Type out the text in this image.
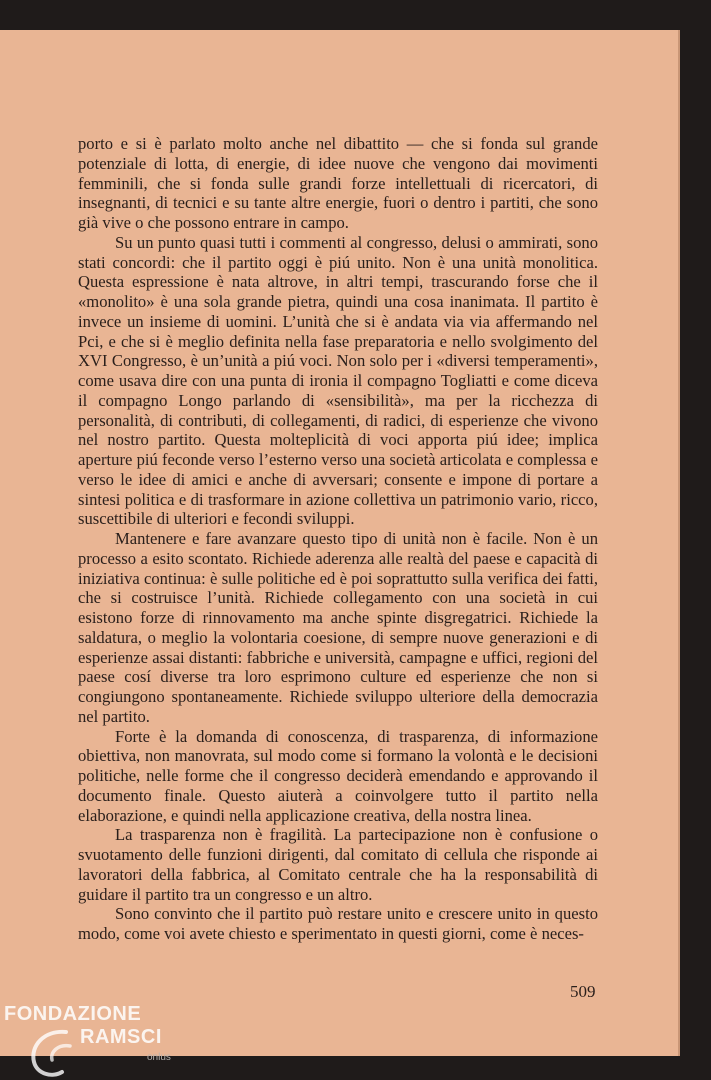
porto e si è parlato molto anche nel dibattito — che si fonda sul grande potenziale di lotta, di energie, di idee nuove che vengono dai movimenti femminili, che si fonda sulle grandi forze intellettuali di ricercatori, di insegnanti, di tecnici e su tante altre energie, fuori o dentro i partiti, che sono già vive o che possono entrare in campo.

Su un punto quasi tutti i commenti al congresso, delusi o ammirati, sono stati concordi: che il partito oggi è piú unito. Non è una unità monolitica. Questa espressione è nata altrove, in altri tempi, trascurando forse che il «monolito» è una sola grande pietra, quindi una cosa inanimata. Il partito è invece un insieme di uomini. L’unità che si è andata via via affermando nel Pci, e che si è meglio definita nella fase preparatoria e nello svolgimento del XVI Congresso, è un’unità a piú voci. Non solo per i «diversi temperamenti», come usava dire con una punta di ironia il compagno Togliatti e come diceva il compagno Longo parlando di «sensibilità», ma per la ricchezza di personalità, di contributi, di collegamenti, di radici, di esperienze che vivono nel nostro partito. Questa molteplicità di voci apporta piú idee; implica aperture piú feconde verso l’esterno verso una società articolata e complessa e verso le idee di amici e anche di avversari; consente e impone di portare a sintesi politica e di trasformare in azione collettiva un patrimonio vario, ricco, suscettibile di ulteriori e fecondi sviluppi.

Mantenere e fare avanzare questo tipo di unità non è facile. Non è un processo a esito scontato. Richiede aderenza alle realtà del paese e capacità di iniziativa continua: è sulle politiche ed è poi soprattutto sulla verifica dei fatti, che si costruisce l’unità. Richiede collegamento con una società in cui esistono forze di rinnovamento ma anche spinte disgregatrici. Richiede la saldatura, o meglio la volontaria coesione, di sempre nuove generazioni e di esperienze assai distanti: fabbriche e università, campagne e uffici, regioni del paese cosí diverse tra loro esprimono culture ed esperienze che non si congiungono spontaneamente. Richiede sviluppo ulteriore della democrazia nel partito.

Forte è la domanda di conoscenza, di trasparenza, di informazione obiettiva, non manovrata, sul modo come si formano la volontà e le decisioni politiche, nelle forme che il congresso deciderà emendando e approvando il documento finale. Questo aiuterà a coinvolgere tutto il partito nella elaborazione, e quindi nella applicazione creativa, della nostra linea.

La trasparenza non è fragilità. La partecipazione non è confusione o svuotamento delle funzioni dirigenti, dal comitato di cellula che risponde ai lavoratori della fabbrica, al Comitato centrale che ha la responsabilità di guidare il partito tra un congresso e un altro.

Sono convinto che il partito può restare unito e crescere unito in questo modo, come voi avete chiesto e sperimentato in questi giorni, come è neces-

509
FONDAZIONE
RAMSCI
onlus
